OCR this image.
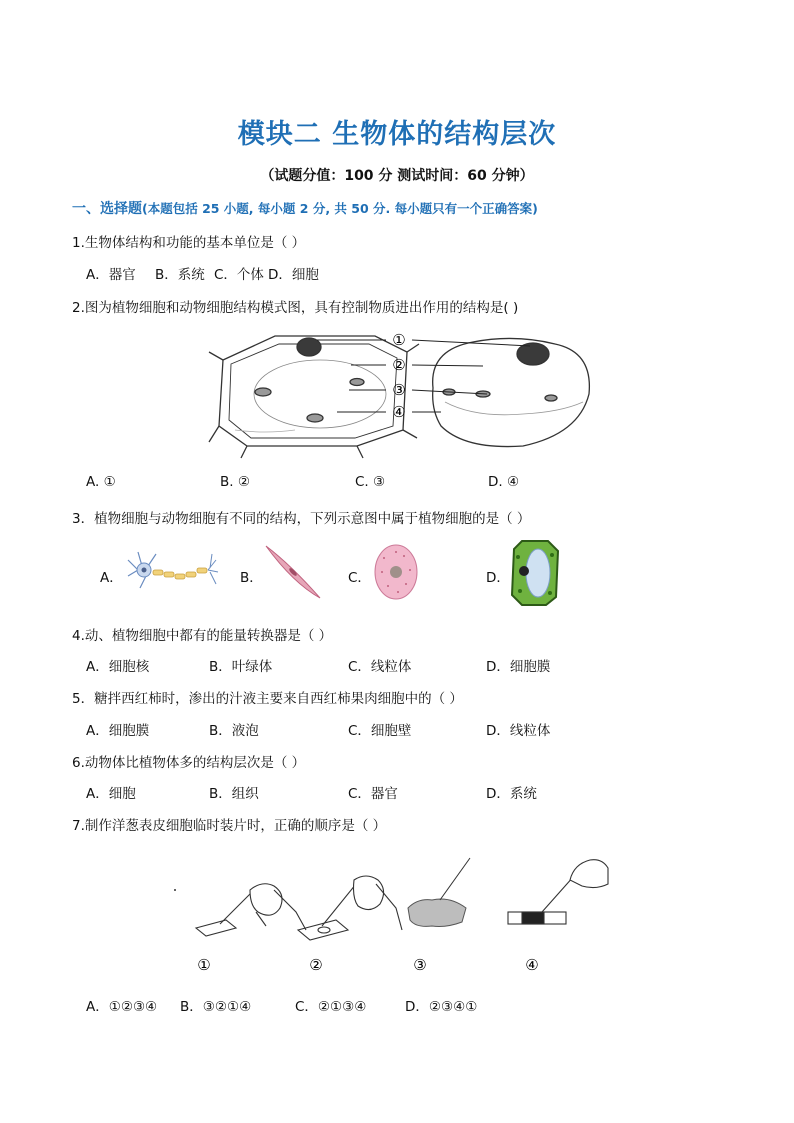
模块二 生物体的结构层次
（试题分值：100 分 测试时间：60 分钟）
一、选择题(本题包括 25 小题, 每小题 2 分, 共 50 分. 每小题只有一个正确答案)
1.生物体结构和功能的基本单位是（ ）
A．器官 B．系统 C．个体 D．细胞
2.图为植物细胞和动物细胞结构模式图，具有控制物质进出作用的结构是( )
①
②
③
④
A. ①	B. ②	C. ③	D. ④
3．植物细胞与动物细胞有不同的结构，下列示意图中属于植物细胞的是（ ）
A．	B．	C．	D．
4.动、植物细胞中都有的能量转换器是（ ）
A．细胞核	B．叶绿体	C．线粒体	D．细胞膜
5．糖拌西红柿时，渗出的汁液主要来自西红柿果肉细胞中的（ ）
A．细胞膜	B．液泡	C．细胞壁	D．线粒体
6.动物体比植物体多的结构层次是（ ）
A．细胞	B．组织	C．器官	D．系统
7.制作洋葱表皮细胞临时装片时，正确的顺序是（ ）
①	②	③	④
A．①②③④ B．③②①④	C．②①③④	D．②③④①
